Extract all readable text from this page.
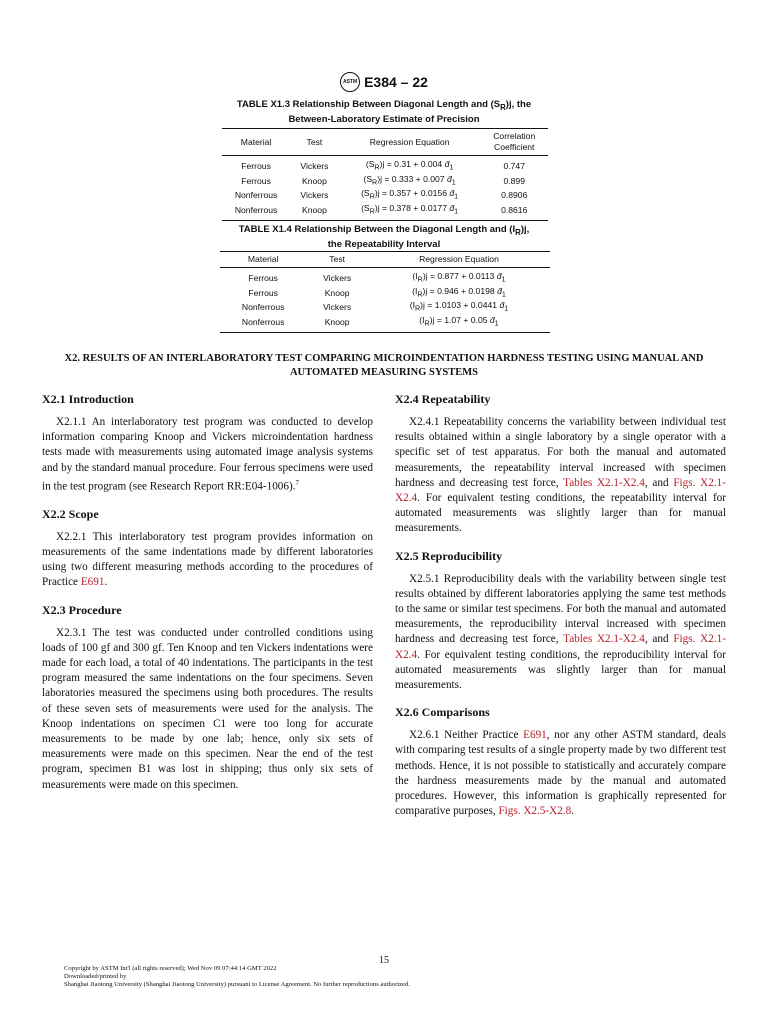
ASTM E384 – 22
TABLE X1.3 Relationship Between Diagonal Length and $(S_R)j$, the
Between-Laboratory Estimate of Precision
Material	Test	Regression Equation	Correlation
Coefficient
Ferrous	Vickers	$(S_R)j = 0.31 + 0.004$ $d̄_1$	0.747
Ferrous	Knoop	$(S_R)j = 0.333 + 0.007$ $d̄_1$	0.899
Nonferrous	Vickers	$(S_R)j = 0.357 + 0.0156$ $d̄_1$	0.8906
Nonferrous	Knoop	$(S_R)j = 0.378 + 0.0177$ $d̄_1$	0.8616
TABLE X1.4 Relationship Between the Diagonal Length and $(I_R)j$,
the Repeatability Interval
Material	Test	Regression Equation
Ferrous	Vickers	$(I_R)j = 0.877 + 0.0113$ $d̄_1$
Ferrous	Knoop	$(I_R)j = 0.946 + 0.0198$ $d̄_1$
Nonferrous	Vickers	$(I_R)j = 1.0103 + 0.0441$ $d̄_1$
Nonferrous	Knoop	$(I_R)j = 1.07 + 0.05$ $d̄_1$
X2. RESULTS OF AN INTERLABORATORY TEST COMPARING MICROINDENTATION HARDNESS TESTING USING MANUAL AND AUTOMATED MEASURING SYSTEMS
X2.1 Introduction

X2.1.1 An interlaboratory test program was conducted to develop information comparing Knoop and Vickers microindentation hardness tests made with measurements using automated image analysis systems and by the standard manual procedure. Four ferrous specimens were used in the test program (see Research Report RR:E04-1006).$^7$

X2.2 Scope

X2.2.1 This interlaboratory test program provides information on measurements of the same indentations made by different laboratories using two different measuring methods according to the procedures of Practice E691.

X2.3 Procedure

X2.3.1 The test was conducted under controlled conditions using loads of 100 gf and 300 gf. Ten Knoop and ten Vickers indentations were made for each load, a total of 40 indentations. The participants in the test program measured the same indentations on the four specimens. Seven laboratories measured the specimens using both procedures. The results of these seven sets of measurements were used for the analysis. The Knoop indentations on specimen C1 were too long for accurate measurements to be made by one lab; hence, only six sets of measurements were made on this specimen. Near the end of the test program, specimen B1 was lost in shipping; thus only six sets of measurements were made on this specimen.

X2.4 Repeatability

X2.4.1 Repeatability concerns the variability between individual test results obtained within a single laboratory by a single operator with a specific set of test apparatus. For both the manual and automated measurements, the repeatability interval increased with specimen hardness and decreasing test force, Tables X2.1-X2.4, and Figs. X2.1-X2.4. For equivalent testing conditions, the repeatability interval for automated measurements was slightly larger than for manual measurements.

X2.5 Reproducibility

X2.5.1 Reproducibility deals with the variability between single test results obtained by different laboratories applying the same test methods to the same or similar test specimens. For both the manual and automated measurements, the reproducibility interval increased with specimen hardness and decreasing test force, Tables X2.1-X2.4, and Figs. X2.1-X2.4. For equivalent testing conditions, the reproducibility interval for automated measurements was slightly larger than for manual measurements.

X2.6 Comparisons

X2.6.1 Neither Practice E691, nor any other ASTM standard, deals with comparing test results of a single property made by two different test methods. Hence, it is not possible to statistically and accurately compare the hardness measurements made by the manual and automated procedures. However, this information is graphically represented for comparative purposes, Figs. X2.5-X2.8.

15
Copyright by ASTM Int'l (all rights reserved); Wed Nov 09 07:44:14 GMT 2022
Downloaded/printed by
Shanghai Jiaotong University (Shanghai Jiaotong University) pursuant to License Agreement. No further reproductions authorized.
